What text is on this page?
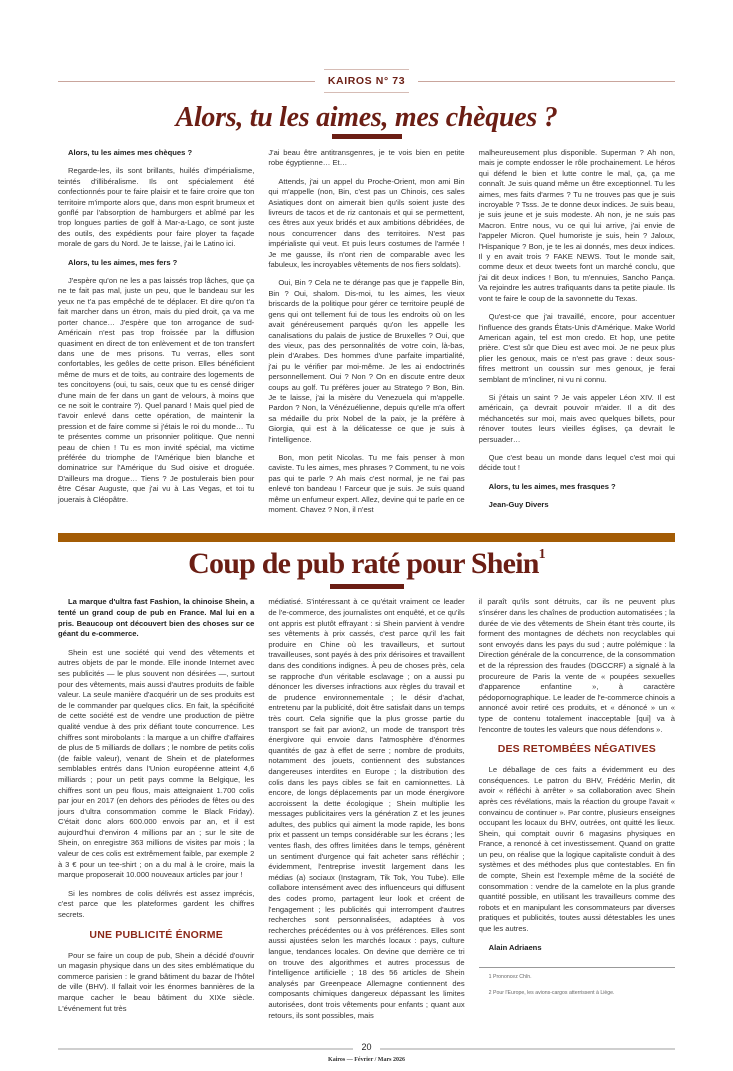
KAIROS N° 73
Alors, tu les aimes, mes chèques ?

Alors, tu les aimes mes chèques ?

Regarde-les, ils sont brillants, huilés d'impérialisme, teintés d'illibéralisme. Ils ont spécialement été confectionnés pour te faire plaisir et te faire croire que ton territoire m'importe alors que, dans mon esprit brumeux et gonflé par l'absorption de hamburgers et abîmé par les trop longues parties de golf à Mar-a-Lago, ce sont juste des outils, des expédients pour faire ployer ta façade morale de gars du Nord. Je te laisse, j'ai le Latino ici.

Alors, tu les aimes, mes fers ?

J'espère qu'on ne les a pas laissés trop lâches, que ça ne te fait pas mal, juste un peu, que le bandeau sur les yeux ne t'a pas empêché de te déplacer. Et dire qu'on t'a fait marcher dans un étron, mais du pied droit, ça va me porter chance… J'espère que ton arrogance de sud-Américain n'est pas trop froissée par la diffusion quasiment en direct de ton enlèvement et de ton transfert dans une de mes prisons. Tu verras, elles sont confortables, les geôles de cette prison. Elles bénéficient même de murs et de toits, au contraire des logements de tes concitoyens (oui, tu sais, ceux que tu es censé diriger d'une main de fer dans un gant de velours, à moins que ce ne soit le contraire ?). Quel panard ! Mais quel pied de t'avoir enlevé dans cette opération, de maintenir la pression et de faire comme si j'étais le roi du monde… Tu te présentes comme un prisonnier politique. Que nenni peau de chien ! Tu es mon invité spécial, ma victime préférée du triomphe de l'Amérique bien blanche et dominatrice sur l'Amérique du Sud oisive et droguée. D'ailleurs ma drogue… Tiens ? Je postulerais bien pour être César Auguste, que j'ai vu à Las Vegas, et toi tu jouerais à Cléopâtre.

J'ai beau être antitransgenres, je te vois bien en petite robe égyptienne… Et…

Attends, j'ai un appel du Proche-Orient, mon ami Bin qui m'appelle (non, Bin, c'est pas un Chinois, ces sales Asiatiques dont on aimerait bien qu'ils soient juste des livreurs de tacos et de riz cantonais et qui se permettent, ces êtres aux yeux bridés et aux ambitions débridées, de nous concurrencer dans des territoires. N'est pas impérialiste qui veut. Et puis leurs costumes de l'armée ! Je me gausse, ils n'ont rien de comparable avec les fabuleux, les incroyables vêtements de nos fiers soldats).

Oui, Bin ? Cela ne te dérange pas que je t'appelle Bin, Bin ? Oui, shalom. Dis-moi, tu les aimes, les vieux briscards de la politique pour gérer ce territoire peuplé de gens qui ont tellement fui de tous les endroits où on les avait généreusement parqués qu'on les appelle les canalisations du palais de justice de Bruxelles ? Oui, que des vieux, pas des personnalités de votre coin, là-bas, plein d'Arabes. Des hommes d'une parfaite impartialité, j'ai pu le vérifier par moi-même. Je les ai endoctrinés personnellement. Oui ? Non ? On en discute entre deux coups au golf. Tu préfères jouer au Stratego ? Bon, Bin. Je te laisse, j'ai la misère du Venezuela qui m'appelle. Pardon ? Non, la Vénézuélienne, depuis qu'elle m'a offert sa médaille du prix Nobel de la paix, je la préfère à Giorgia, qui est à la délicatesse ce que je suis à l'intelligence.

Bon, mon petit Nicolas. Tu me fais penser à mon caviste. Tu les aimes, mes phrases ? Comment, tu ne vois pas qui te parle ? Ah mais c'est normal, je ne t'ai pas enlevé ton bandeau ! Farceur que je suis. Je suis quand même un enfumeur expert. Allez, devine qui te parle en ce moment. Chavez ? Non, il n'est

malheureusement plus disponible. Superman ? Ah non, mais je compte endosser le rôle prochainement. Le héros qui défend le bien et lutte contre le mal, ça, ça me connaît. Je suis quand même un être exceptionnel. Tu les aimes, mes faits d'armes ? Tu ne trouves pas que je suis incroyable ? Tsss. Je te donne deux indices. Je suis beau, je suis jeune et je suis modeste. Ah non, je ne suis pas Macron. Entre nous, vu ce qui lui arrive, j'ai envie de l'appeler Micron. Quel humoriste je suis, hein ? Jaloux, l'Hispanique ? Bon, je te les ai donnés, mes deux indices. Il y en avait trois ? FAKE NEWS. Tout le monde sait, comme deux et deux tweets font un marché conclu, que j'ai dit deux indices ! Bon, tu m'ennuies, Sancho Pança. Va rejoindre les autres trafiquants dans ta petite piaule. Ils vont te faire le coup de la savonnette du Texas.

Qu'est-ce que j'ai travaillé, encore, pour accentuer l'influence des grands États-Unis d'Amérique. Make World American again, tel est mon credo. Et hop, une petite prière. C'est sûr que Dieu est avec moi. Je ne peux plus plier les genoux, mais ce n'est pas grave : deux sous-fifres mettront un coussin sur mes genoux, je ferai semblant de m'incliner, ni vu ni connu.

Si j'étais un saint ? Je vais appeler Léon XIV. Il est américain, ça devrait pouvoir m'aider. Il a dit des méchancetés sur moi, mais avec quelques billets, pour rénover toutes leurs vieilles églises, ça devrait le persuader…

Que c'est beau un monde dans lequel c'est moi qui décide tout !

Alors, tu les aimes, mes frasques ?

Jean-Guy Divers

Coup de pub raté pour Shein$^1$

La marque d'ultra fast Fashion, la chinoise Shein, a tenté un grand coup de pub en France. Mal lui en a pris. Beaucoup ont découvert bien des choses sur ce géant du e-commerce.

Shein est une société qui vend des vêtements et autres objets de par le monde. Elle inonde Internet avec ses publicités — le plus souvent non désirées —, surtout pour des vêtements, mais aussi d'autres produits de faible valeur. La seule manière d'acquérir un de ses produits est de le commander par quelques clics. En fait, la spécificité de cette société est de vendre une production de piètre qualité vendue à des prix défiant toute concurrence. Les chiffres sont mirobolants : la marque a un chiffre d'affaires de plus de 5 milliards de dollars ; le nombre de petits colis (de faible valeur), venant de Shein et de plateformes semblables entrés dans l'Union européenne atteint 4,6 milliards ; pour un petit pays comme la Belgique, les chiffres sont un peu flous, mais atteignaient 1.700 colis par jour en 2017 (en dehors des périodes de fêtes ou des jours d'ultra consommation comme le Black Friday). C'était donc alors 600.000 envois par an, et il est aujourd'hui d'environ 4 millions par an ; sur le site de Shein, on enregistre 363 millions de visites par mois ; la valeur de ces colis est extrêmement faible, par exemple 2 à 3 € pour un tee-shirt ; on a du mal à le croire, mais la marque proposerait 10.000 nouveaux articles par jour !

Si les nombres de colis délivrés est assez imprécis, c'est parce que les plateformes gardent les chiffres secrets.

UNE PUBLICITÉ ÉNORME

Pour se faire un coup de pub, Shein a décidé d'ouvrir un magasin physique dans un des sites emblématique du commerce parisien : le grand bâtiment du bazar de l'hôtel de ville (BHV). Il fallait voir les énormes bannières de la marque cacher le beau bâtiment du XIXe siècle. L'événement fut très

médiatisé. S'intéressant à ce qu'était vraiment ce leader de l'e-commerce, des journalistes ont enquêté, et ce qu'ils ont appris est plutôt effrayant : si Shein parvient à vendre ses vêtements à prix cassés, c'est parce qu'il les fait produire en Chine où les travailleurs, et surtout travailleuses, sont payés à des prix dérisoires et travaillent dans des conditions indignes. À peu de choses près, cela se rapproche d'un véritable esclavage ; on a aussi pu dénoncer les diverses infractions aux règles du travail et de prudence environnementale ; le désir d'achat, entretenu par la publicité, doit être satisfait dans un temps très court. Cela signifie que la plus grosse partie du transport se fait par avion2, un mode de transport très énergivore qui envoie dans l'atmosphère d'énormes quantités de gaz à effet de serre ; nombre de produits, notamment des jouets, contiennent des substances dangereuses interdites en Europe ; la distribution des colis dans les pays cibles se fait en camionnettes. Là encore, de longs déplacements par un mode énergivore accroissent la dette écologique ; Shein multiplie les messages publicitaires vers la génération Z et les jeunes adultes, des publics qui aiment la mode rapide, les bons prix et passent un temps considérable sur les écrans ; les ventes flash, des offres limitées dans le temps, génèrent un sentiment d'urgence qui fait acheter sans réfléchir ; évidemment, l'entreprise investit largement dans les médias (a) sociaux (Instagram, Tik Tok, You Tube). Elle collabore intensément avec des influenceurs qui diffusent des codes promo, partagent leur look et créent de l'engagement ; les publicités qui interrompent d'autres recherches sont personnalisées, adaptées à vos recherches précédentes ou à vos préférences. Elles sont aussi ajustées selon les marchés locaux : pays, culture langue, tendances locales. On devine que derrière ce tri on trouve des algorithmes et autres processus de l'intelligence artificielle ; 18 des 56 articles de Shein analysés par Greenpeace Allemagne contiennent des composants chimiques dangereux dépassant les limites autorisées, dont trois vêtements pour enfants ; quant aux retours, ils sont possibles, mais

il paraît qu'ils sont détruits, car ils ne peuvent plus s'insérer dans les chaînes de production automatisées ; la durée de vie des vêtements de Shein étant très courte, ils forment des montagnes de déchets non recyclables qui sont envoyés dans les pays du sud ; autre polémique : la Direction générale de la concurrence, de la consommation et de la répression des fraudes (DGCCRF) a signalé à la procureure de Paris la vente de « poupées sexuelles d'apparence enfantine », à caractère pédopornographique. Le leader de l'e-commerce chinois a annoncé avoir retiré ces produits, et « dénoncé » un « type de contenu totalement inacceptable [qui] va à l'encontre de toutes les valeurs que nous défendons ».

DES RETOMBÉES NÉGATIVES

Le déballage de ces faits a évidemment eu des conséquences. Le patron du BHV, Frédéric Merlin, dit avoir « réfléchi à arrêter » sa collaboration avec Shein après ces révélations, mais la réaction du groupe l'avait « convaincu de continuer ». Par contre, plusieurs enseignes occupant les locaux du BHV, outrées, ont quitté les lieux. Shein, qui comptait ouvrir 6 magasins physiques en France, a renoncé à cet investissement. Quand on gratte un peu, on réalise que la logique capitaliste conduit à des systèmes et des méthodes plus que contestables. En fin de compte, Shein est l'exemple même de la société de consommation : vendre de la camelote en la plus grande quantité possible, en utilisant les travailleurs comme des robots et en manipulant les consommateurs par diverses pratiques et publicités, toutes aussi détestables les unes que les autres.

Alain Adriaens

1 Prononcez Chîn.

2 Pour l'Europe, les avions-cargos atterrissent à Liège.

20
Kairos — Février / Mars 2026
